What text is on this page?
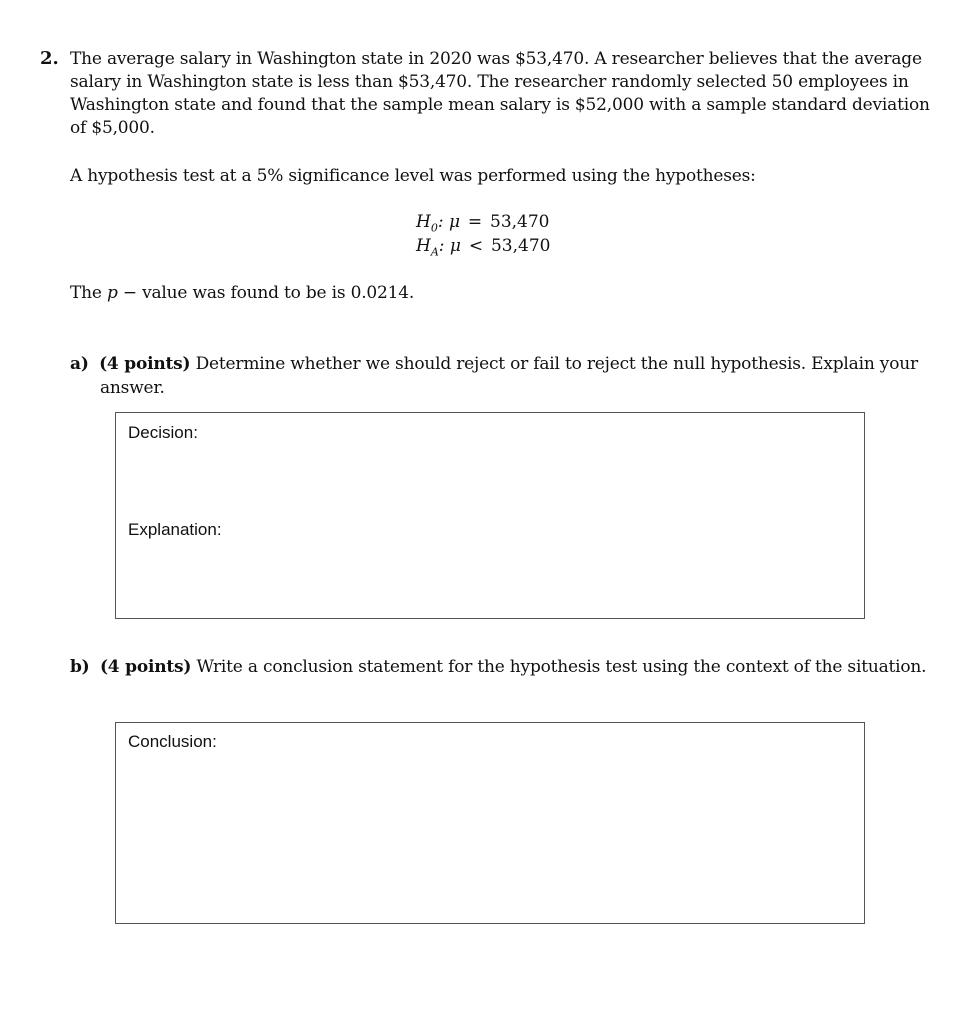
2. The average salary in Washington state in 2020 was $53,470. A researcher believes that the average salary in Washington state is less than $53,470. The researcher randomly selected 50 employees in Washington state and found that the sample mean salary is $52,000 with a sample standard deviation of $5,000.
A hypothesis test at a 5% significance level was performed using the hypotheses:
$H_0$: μ = 53,470
$H_A$: μ < 53,470
The p − value was found to be is 0.0214.
a) (4 points) Determine whether we should reject or fail to reject the null hypothesis. Explain your
answer.
Decision:
Explanation:
b) (4 points) Write a conclusion statement for the hypothesis test using the context of the situation.
Conclusion:
